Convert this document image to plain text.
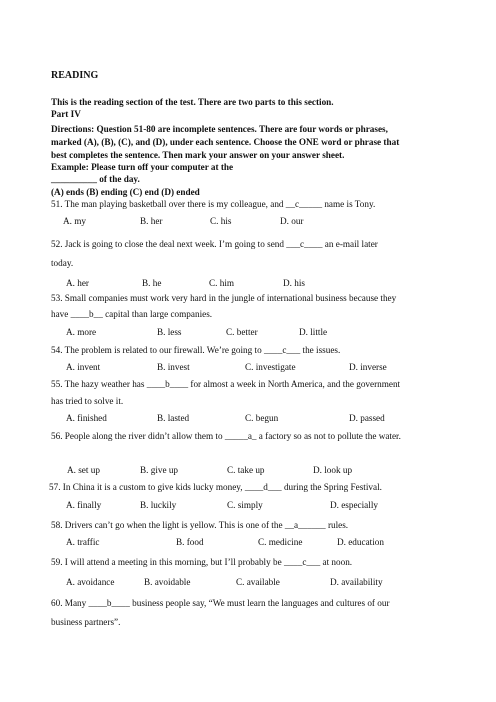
READING
This is the reading section of the test. There are two parts to this section.
Part IV
Directions: Question 51-80 are incomplete sentences. There are four words or phrases,
marked (A), (B), (C), and (D), under each sentence. Choose the ONE word or phrase that
best completes the sentence. Then mark your answer on your answer sheet.
Example: Please turn off your computer at the
__________ of the day.
(A) ends (B) ending (C) end (D) ended
51. The man playing basketball over there is my colleague, and __c_____ name is Tony.
A. my	B. her	C. his	D. our
52. Jack is going to close the deal next week. I’m going to send ___c____ an e-mail later
today.
A. her	B. he	C. him	D. his
53. Small companies must work very hard in the jungle of international business because they
have ____b__ capital than large companies.
A. more	B. less	C. better	D. little
54. The problem is related to our firewall. We’re going to ____c___ the issues.
A. invent	B. invest	C. investigate	D. inverse
55. The hazy weather has ____b____ for almost a week in North America, and the government
has tried to solve it.
A. finished	B. lasted	C. begun	D. passed
56. People along the river didn’t allow them to _____a_ a factory so as not to pollute the water.
A. set up	B. give up	C. take up	D. look up
57. In China it is a custom to give kids lucky money, ____d___ during the Spring Festival.
A. finally	B. luckily	C. simply	D. especially
58. Drivers can’t go when the light is yellow. This is one of the __a______ rules.
A. traffic	B. food	C. medicine	D. education
59. I will attend a meeting in this morning, but I’ll probably be ____c___ at noon.
A. avoidance	B. avoidable	C. available	D. availability
60. Many ____b____ business people say, “We must learn the languages and cultures of our
business partners”.
